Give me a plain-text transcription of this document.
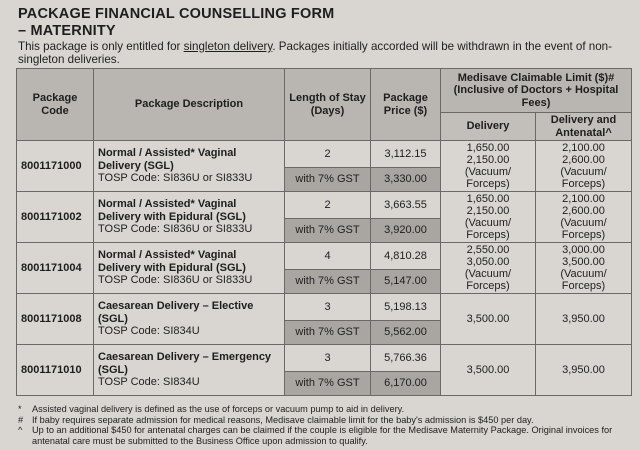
PACKAGE FINANCIAL COUNSELLING FORM
– MATERNITY
This package is only entitled for singleton delivery. Packages initially accorded will be withdrawn in the event of non-singleton deliveries.
Package Code	Package Description	Length of Stay (Days)	Package Price ($)	Medisave Claimable Limit ($)# (Inclusive of Doctors + Hospital Fees)	
				Delivery	Delivery and Antenatal^
8001171000	Normal / Assisted* Vaginal Delivery (SGL)
TOSP Code: SI836U or SI833U	2	3,112.15	1,650.00
2,150.00
(Vacuum/
Forceps)	2,100.00
2,600.00
(Vacuum/
Forceps)

		with 7% GST	3,330.00		
8001171002	Normal / Assisted* Vaginal Delivery with Epidural (SGL)
TOSP Code: SI836U or SI833U	2	3,663.55	1,650.00
2,150.00
(Vacuum/
Forceps)	2,100.00
2,600.00
(Vacuum/
Forceps)

		with 7% GST	3,920.00		
8001171004	Normal / Assisted* Vaginal Delivery with Epidural (SGL)
TOSP Code: SI836U or SI833U	4	4,810.28	2,550.00
3,050.00
(Vacuum/
Forceps)	3,000.00
3,500.00
(Vacuum/
Forceps)

		with 7% GST	5,147.00		
8001171008	Caesarean Delivery – Elective (SGL)
TOSP Code: SI834U	3	5,198.13	3,500.00	3,950.00

		with 7% GST	5,562.00		
8001171010	Caesarean Delivery – Emergency (SGL)
TOSP Code: SI834U	3	5,766.36	3,500.00	3,950.00

		with 7% GST	6,170.00		
*	Assisted vaginal delivery is defined as the use of forceps or vacuum pump to aid in delivery.
# If baby requires separate admission for medical reasons, Medisave claimable limit for the baby's admission is $450 per day.
^	Up to an additional $450 for antenatal charges can be claimed if the couple is eligible for the Medisave Maternity Package. Original invoices for antenatal care must be submitted to the Business Office upon admission to qualify.
